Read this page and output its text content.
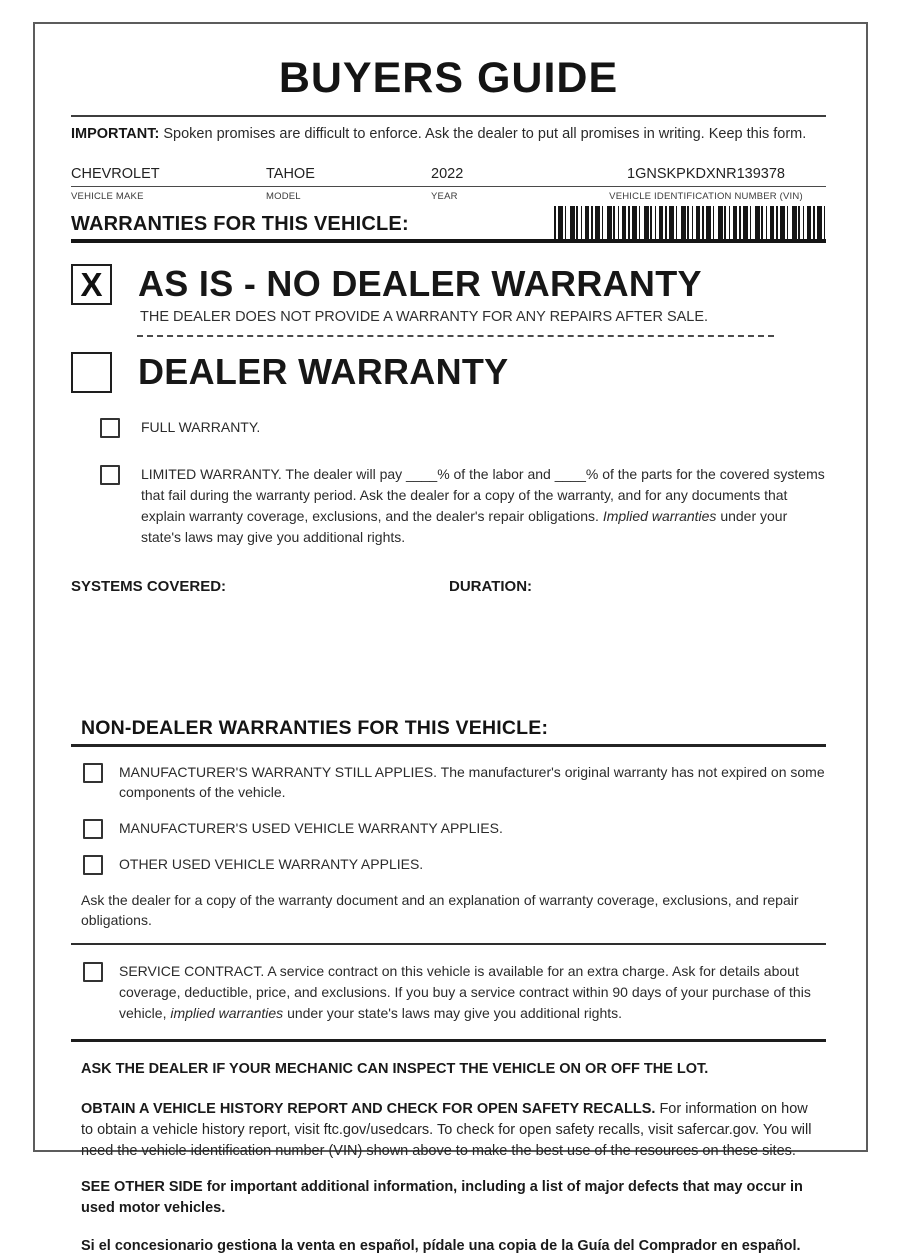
BUYERS GUIDE
IMPORTANT: Spoken promises are difficult to enforce. Ask the dealer to put all promises in writing. Keep this form.
CHEVROLET	TAHOE	2022	1GNSKPKDXNR139378
VEHICLE MAKE	MODEL	YEAR	VEHICLE IDENTIFICATION NUMBER (VIN)
WARRANTIES FOR THIS VEHICLE:
X AS IS - NO DEALER WARRANTY
THE DEALER DOES NOT PROVIDE A WARRANTY FOR ANY REPAIRS AFTER SALE.
DEALER WARRANTY
FULL WARRANTY.
LIMITED WARRANTY. The dealer will pay ____% of the labor and ____% of the parts for the covered systems that fail during the warranty period. Ask the dealer for a copy of the warranty, and for any documents that explain warranty coverage, exclusions, and the dealer's repair obligations. Implied warranties under your state's laws may give you additional rights.
SYSTEMS COVERED:	DURATION:
NON-DEALER WARRANTIES FOR THIS VEHICLE:
MANUFACTURER'S WARRANTY STILL APPLIES. The manufacturer's original warranty has not expired on some components of the vehicle.
MANUFACTURER'S USED VEHICLE WARRANTY APPLIES.
OTHER USED VEHICLE WARRANTY APPLIES.
Ask the dealer for a copy of the warranty document and an explanation of warranty coverage, exclusions, and repair obligations.
SERVICE CONTRACT. A service contract on this vehicle is available for an extra charge. Ask for details about coverage, deductible, price, and exclusions. If you buy a service contract within 90 days of your purchase of this vehicle, implied warranties under your state's laws may give you additional rights.
ASK THE DEALER IF YOUR MECHANIC CAN INSPECT THE VEHICLE ON OR OFF THE LOT.
OBTAIN A VEHICLE HISTORY REPORT AND CHECK FOR OPEN SAFETY RECALLS. For information on how to obtain a vehicle history report, visit ftc.gov/usedcars. To check for open safety recalls, visit safercar.gov. You will need the vehicle identification number (VIN) shown above to make the best use of the resources on these sites.
SEE OTHER SIDE for important additional information, including a list of major defects that may occur in used motor vehicles.
Si el concesionario gestiona la venta en español, pídale una copia de la Guía del Comprador en español.
